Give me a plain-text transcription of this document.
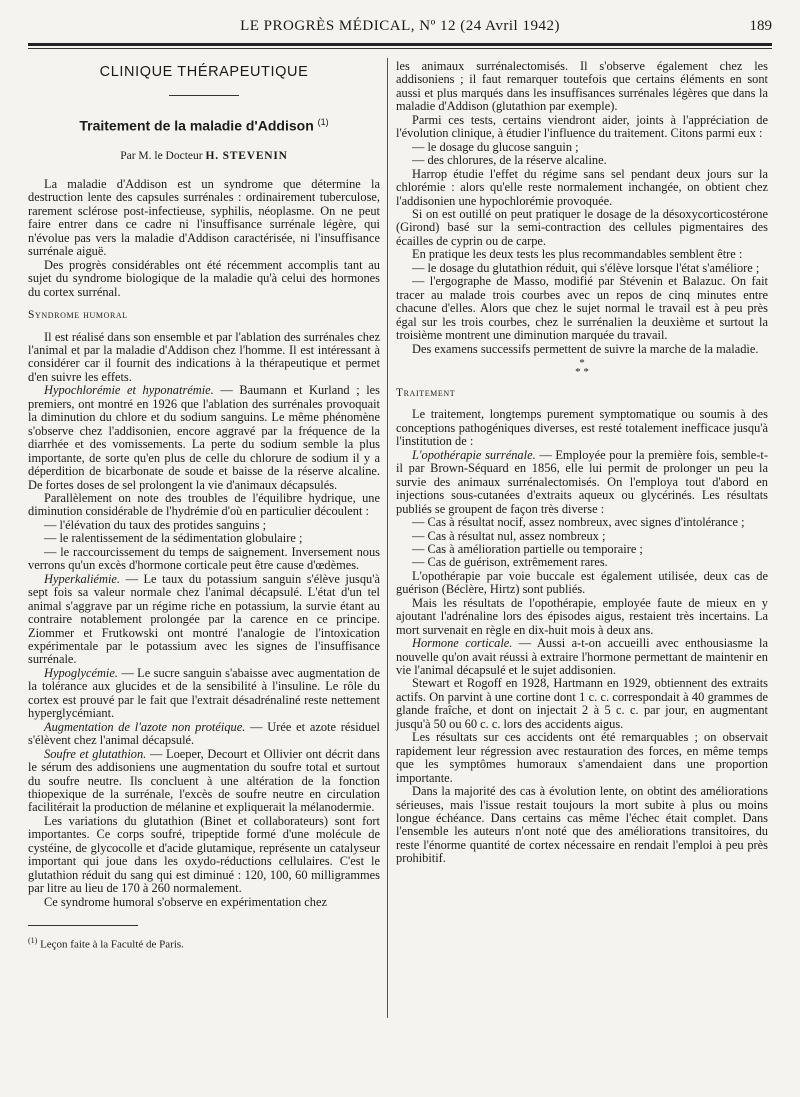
LE PROGRÈS MÉDICAL, Nº 12 (24 Avril 1942)	189
CLINIQUE THÉRAPEUTIQUE
Traitement de la maladie d'Addison $^{(1)}$
Par M. le Docteur H. STEVENIN

La maladie d'Addison est un syndrome que détermine la destruction lente des capsules surrénales : ordinairement tuberculose, rarement sclérose post-infectieuse, syphilis, néoplasme. On ne peut faire entrer dans ce cadre ni l'insuffisance surrénale légère, qui n'évolue pas vers la maladie d'Addison caractérisée, ni l'insuffisance surrénale aiguë.

Des progrès considérables ont été récemment accomplis tant au sujet du syndrome biologique de la maladie qu'à celui des hormones du cortex surrénal.

Syndrome humoral

Il est réalisé dans son ensemble et par l'ablation des surrénales chez l'animal et par la maladie d'Addison chez l'homme. Il est intéressant à considérer car il fournit des indications à la thérapeutique et permet d'en suivre les effets.

Hypochlorémie et hyponatrémie. — Baumann et Kurland ; les premiers, ont montré en 1926 que l'ablation des surrénales provoquait la diminution du chlore et du sodium sanguins. Le même phénomène s'observe chez l'addisonien, encore aggravé par la fréquence de la diarrhée et des vomissements. La perte du sodium semble la plus importante, de sorte qu'en plus de celle du chlorure de sodium il y a déperdition de bicarbonate de soude et baisse de la réserve alcaline. De fortes doses de sel prolongent la vie d'animaux décapsulés.

Parallèlement on note des troubles de l'équilibre hydrique, une diminution considérable de l'hydrémie d'où en particulier découlent :

— l'élévation du taux des protides sanguins ;

— le ralentissement de la sédimentation globulaire ;

— le raccourcissement du temps de saignement. Inversement nous verrons qu'un excès d'hormone corticale peut être cause d'œdèmes.

Hyperkaliémie. — Le taux du potassium sanguin s'élève jusqu'à sept fois sa valeur normale chez l'animal décapsulé. L'état d'un tel animal s'aggrave par un régime riche en potassium, la survie étant au contraire notablement prolongée par la carence en ce principe. Ziommer et Frutkowski ont montré l'analogie de l'intoxication expérimentale par le potassium avec les signes de l'insuffisance surrénale.

Hypoglycémie. — Le sucre sanguin s'abaisse avec augmentation de la tolérance aux glucides et de la sensibilité à l'insuline. Le rôle du cortex est prouvé par le fait que l'extrait désadrénaliné reste nettement hyperglycémiant.

Augmentation de l'azote non protéique. — Urée et azote résiduel s'élèvent chez l'animal décapsulé.

Soufre et glutathion. — Loeper, Decourt et Ollivier ont décrit dans le sérum des addisoniens une augmentation du soufre total et surtout du soufre neutre. Ils concluent à une altération de la fonction thiopexique de la surrénale, l'excès de soufre neutre en circulation facilitérait la production de mélanine et expliquerait la mélanodermie.

Les variations du glutathion (Binet et collaborateurs) sont fort importantes. Ce corps soufré, tripeptide formé d'une molécule de cystéine, de glycocolle et d'acide glutamique, représente un catalyseur important qui joue dans les oxydo-réductions cellulaires. C'est le glutathion réduit du sang qui est diminué : 120, 100, 60 milligrammes par litre au lieu de 170 à 260 normalement.

Ce syndrome humoral s'observe en expérimentation chez

$^{(1)}$ Leçon faite à la Faculté de Paris.

les animaux surrénalectomisés. Il s'observe également chez les addisoniens ; il faut remarquer toutefois que certains éléments en sont aussi et plus marqués dans les insuffisances surrénales légères que dans la maladie d'Addison (glutathion par exemple).

Parmi ces tests, certains viendront aider, joints à l'appréciation de l'évolution clinique, à étudier l'influence du traitement. Citons parmi eux :

— le dosage du glucose sanguin ;

— des chlorures, de la réserve alcaline.

Harrop étudie l'effet du régime sans sel pendant deux jours sur la chlorémie : alors qu'elle reste normalement inchangée, on obtient chez l'addisonien une hypochlorémie provoquée.

Si on est outillé on peut pratiquer le dosage de la désoxycorticostérone (Girond) basé sur la semi-contraction des cellules pigmentaires des écailles de cyprin ou de carpe.

En pratique les deux tests les plus recommandables semblent être :

— le dosage du glutathion réduit, qui s'élève lorsque l'état s'améliore ;

— l'ergographe de Masso, modifié par Stévenin et Balazuc. On fait tracer au malade trois courbes avec un repos de cinq minutes entre chacune d'elles. Alors que chez le sujet normal le travail est à peu près égal sur les trois courbes, chez le surrénalien la deuxième et surtout la troisième montrent une diminution marquée du travail.

Des examens successifs permettent de suivre la marche de la maladie.

*
* *

Traitement

Le traitement, longtemps purement symptomatique ou soumis à des conceptions pathogéniques diverses, est resté totalement inefficace jusqu'à l'institution de :

L'opothérapie surrénale. — Employée pour la première fois, semble-t-il par Brown-Séquard en 1856, elle lui permit de prolonger un peu la survie des animaux surrénalectomisés. On l'employa tout d'abord en injections sous-cutanées d'extraits aqueux ou glycérinés. Les résultats publiés se groupent de façon très diverse :

— Cas à résultat nocif, assez nombreux, avec signes d'intolérance ;

— Cas à résultat nul, assez nombreux ;

— Cas à amélioration partielle ou temporaire ;

— Cas de guérison, extrêmement rares.

L'opothérapie par voie buccale est également utilisée, deux cas de guérison (Béclère, Hirtz) sont publiés.

Mais les résultats de l'opothérapie, employée faute de mieux en y ajoutant l'adrénaline lors des épisodes aigus, restaient très incertains. La mort survenait en règle en dix-huit mois à deux ans.

Hormone corticale. — Aussi a-t-on accueilli avec enthousiasme la nouvelle qu'on avait réussi à extraire l'hormone permettant de maintenir en vie l'animal décapsulé et le sujet addisonien.

Stewart et Rogoff en 1928, Hartmann en 1929, obtiennent des extraits actifs. On parvint à une cortine dont 1 c. c. correspondait à 40 grammes de glande fraîche, et dont on injectait 2 à 5 c. c. par jour, en augmentant jusqu'à 50 ou 60 c. c. lors des accidents aigus.

Les résultats sur ces accidents ont été remarquables ; on observait rapidement leur régression avec restauration des forces, en même temps que les symptômes humoraux s'amendaient dans une proportion importante.

Dans la majorité des cas à évolution lente, on obtint des améliorations sérieuses, mais l'issue restait toujours la mort subite à plus ou moins longue échéance. Dans certains cas même l'échec était complet. Dans l'ensemble les auteurs n'ont noté que des améliorations transitoires, du reste l'énorme quantité de cortex nécessaire en rendait l'emploi à peu près prohibitif.
